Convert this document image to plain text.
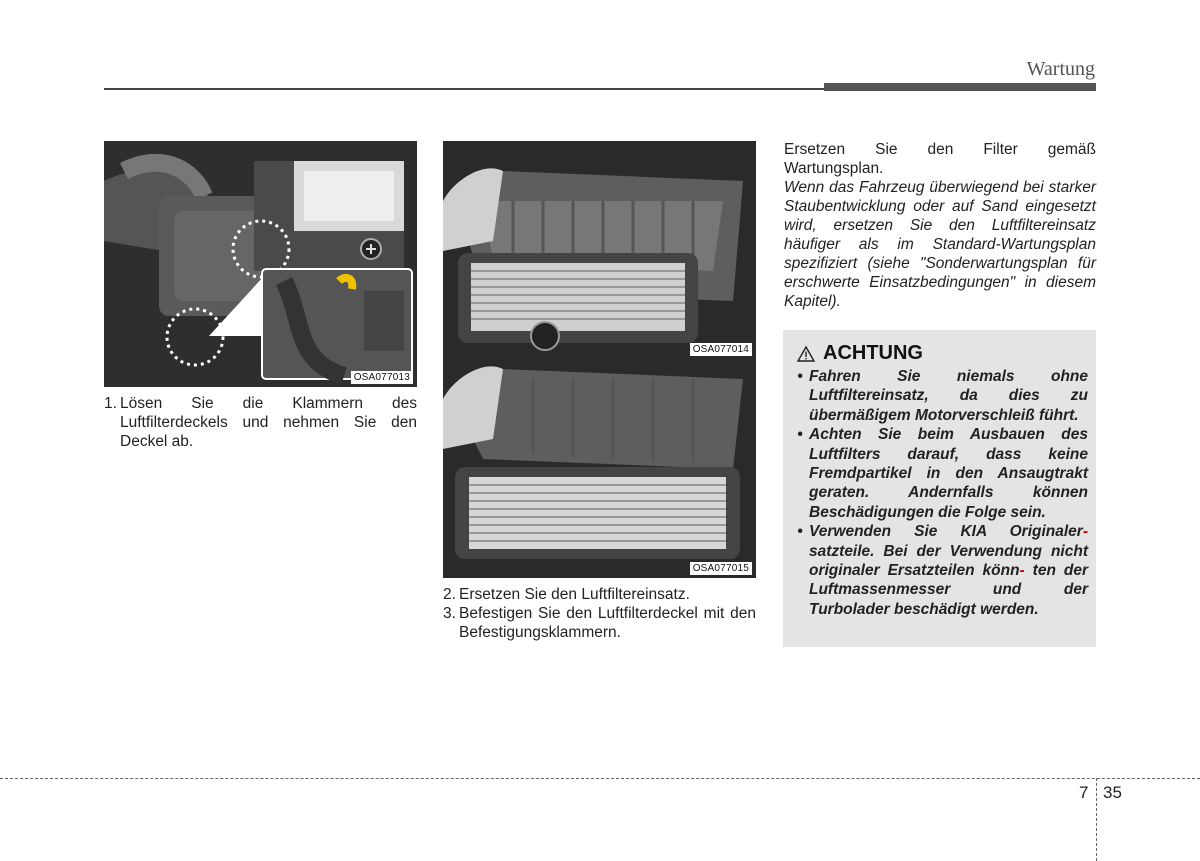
Wartung
OSA077013
1. Lösen Sie die Klammern des Luftfilterdeckels und nehmen Sie den Deckel ab.
OSA077014
OSA077015
2. Ersetzen Sie den Luftfiltereinsatz.
3. Befestigen Sie den Luftfilterdeckel mit den Befestigungsklammern.
Ersetzen Sie den Filter gemäß Wartungsplan.
Wenn das Fahrzeug überwiegend bei starker Staubentwicklung oder auf Sand eingesetzt wird, ersetzen Sie den Luftfiltereinsatz häufiger als im Standard-Wartungsplan spezifiziert (siehe "Sonderwartungsplan für erschwerte Einsatzbedingungen" in diesem Kapitel).
ACHTUNG
• Fahren Sie niemals ohne Luftfiltereinsatz, da dies zu übermäßigem Motorverschleiß führt.
• Achten Sie beim Ausbauen des Luftfilters darauf, dass keine Fremdpartikel in den Ansaugtrakt geraten. Andernfalls können Beschädigungen die Folge sein.
• Verwenden Sie KIA Originaler- satzteile. Bei der Verwendung nicht originaler Ersatzteilen könn- ten der Luftmassenmesser und der Turbolader beschädigt werden.
7 35
